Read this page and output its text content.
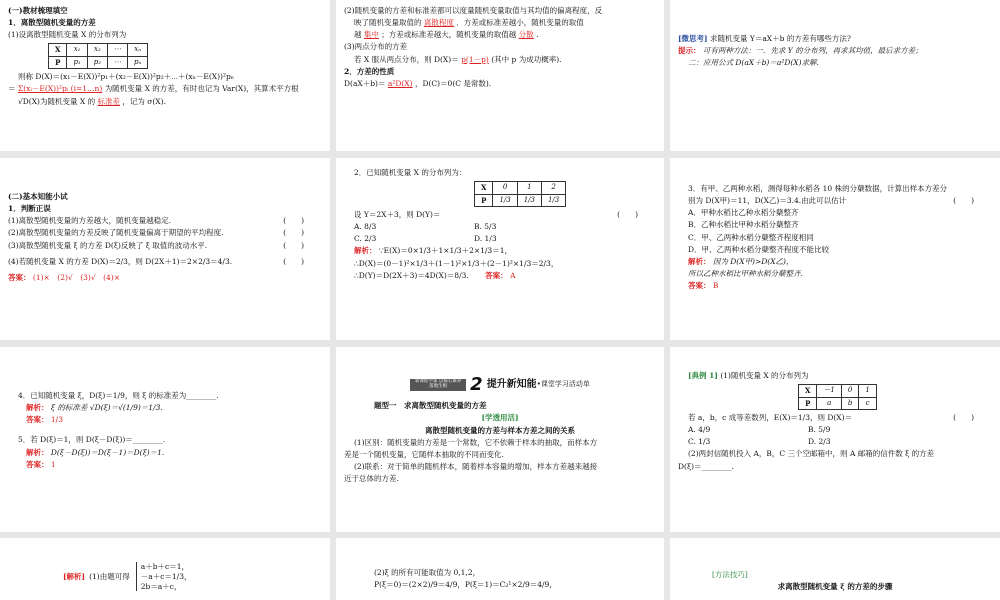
(一)教材梳理填空

1．离散型随机变量的方差

(1)设离散型随机变量 X 的分布列为

X	x₁	x₂	⋯	xₙ
P	p₁	p₂	⋯	pₙ

则称 D(X)＝(x₁－E(X))²p₁＋(x₂－E(X))²p₂＋⋯＋(xₙ－E(X))²pₙ

＝ Σ(xᵢ－E(X))²pᵢ (i=1…n) 为随机变量 X 的方差，有时也记为 Var(X)，其算术平方根

√D(X)为随机变量 X 的 标准差 ，记为 σ(X).

(2)随机变量的方差和标准差都可以度量随机变量取值与其均值的偏离程度，反

映了随机变量取值的 离散程度 ．方差或标准差越小，随机变量的取值

越 集中 ；方差或标准差越大，随机变量的取值越 分散 .

(3)两点分布的方差

若 X 服从两点分布，则 D(X)＝ p(1－p) (其中 p 为成功概率).

2．方差的性质

D(aX＋b)＝ a²D(X) ，D(C)＝0(C 是常数).

[微思考] 求随机变量 Y＝aX＋b 的方差有哪些方法?

提示： 可有两种方法：一．先求 Y 的分布列，再求其均值，最后求方差；

二：应用公式 D(aX＋b)＝a²D(X)求解.

(二)基本知能小试

1．判断正误

(1)离散型随机变量的方差越大，随机变量越稳定.	(　　)

(2)离散型随机变量的方差反映了随机变量偏离于期望的平均程度.	(　　)

(3)离散型随机变量 ξ 的方差 D(ξ)反映了 ξ 取值的波动水平.	(　　)

(4)若随机变量 X 的方差 D(X)＝2/3，则 D(2X＋1)＝2×2/3＝4/3.	(　　)

答案： (1)×　(2)√　(3)√　(4)×

2．已知随机变量 X 的分布列为：

X	0	1	2
P	1/3	1/3	1/3

设 Y＝2X＋3，则 D(Y)＝	(　　)

A. 8/3	B. 5/3

C. 2/3	D. 1/3

解析： ∵E(X)＝0×1/3＋1×1/3＋2×1/3＝1，

∴D(X)＝(0－1)²×1/3＋(1－1)²×1/3＋(2－1)²×1/3＝2/3，

∴D(Y)＝D(2X＋3)＝4D(X)＝8/3. 答案： A

3．有甲、乙两种水稻，测得每种水稻各 10 株的分蘖数据，计算出样本方差分

别为 D(X甲)＝11，D(X乙)＝3.4.由此可以估计	(　　)

A．甲种水稻比乙种水稻分蘖整齐

B．乙种水稻比甲种水稻分蘖整齐

C．甲、乙两种水稻分蘖整齐程度相同

D．甲、乙两种水稻分蘖整齐程度不能比较

解析： 因为 D(X甲)>D(X乙)，

所以乙种水稻比甲种水稻分蘖整齐.

答案： B

4．已知随机变量 ξ，D(ξ)＝1/9，则 ξ 的标准差为________.

解析： ξ 的标准差 √D(ξ)＝√(1/9)＝1/3.

答案： 1/3

5．若 D(ξ)＝1，则 D(ξ－D(ξ))＝________.

解析： D(ξ－D(ξ))＝D(ξ－1)＝D(ξ)＝1.

答案： 1

新课程学案 以核心素养落地生根	2 提升新知能 •课堂学习活动单

题型一　求离散型随机变量的方差

[学透用活]

离散型随机变量的方差与样本方差之间的关系

(1)区别：随机变量的方差是一个常数，它不依赖于样本的抽取，而样本方

差是一个随机变量，它随样本抽取的不同而变化.

(2)联系：对于简单的随机样本，随着样本容量的增加，样本方差越来越接

近于总体的方差.

[典例 1] (1)随机变量 X 的分布列为

X	－1	0	1
P	a	b	c

若 a，b，c 成等差数列，E(X)＝1/3，则 D(X)＝	(　　)

A. 4/9	B. 5/9

C. 1/3	D. 2/3

(2)两封信随机投入 A，B，C 三个空邮箱中，则 A 邮箱的信件数 ξ 的方差

D(ξ)＝________.

[解析] (1)由题可得
a＋b＋c＝1，
－a＋c＝1/3，
2b＝a＋c，

(2)ξ 的所有可能取值为 0,1,2，

P(ξ＝0)＝(2×2)/9＝4/9，P(ξ＝1)＝C₂¹×2/9＝4/9，

[方法技巧]

求离散型随机变量 ξ 的方差的步骤
